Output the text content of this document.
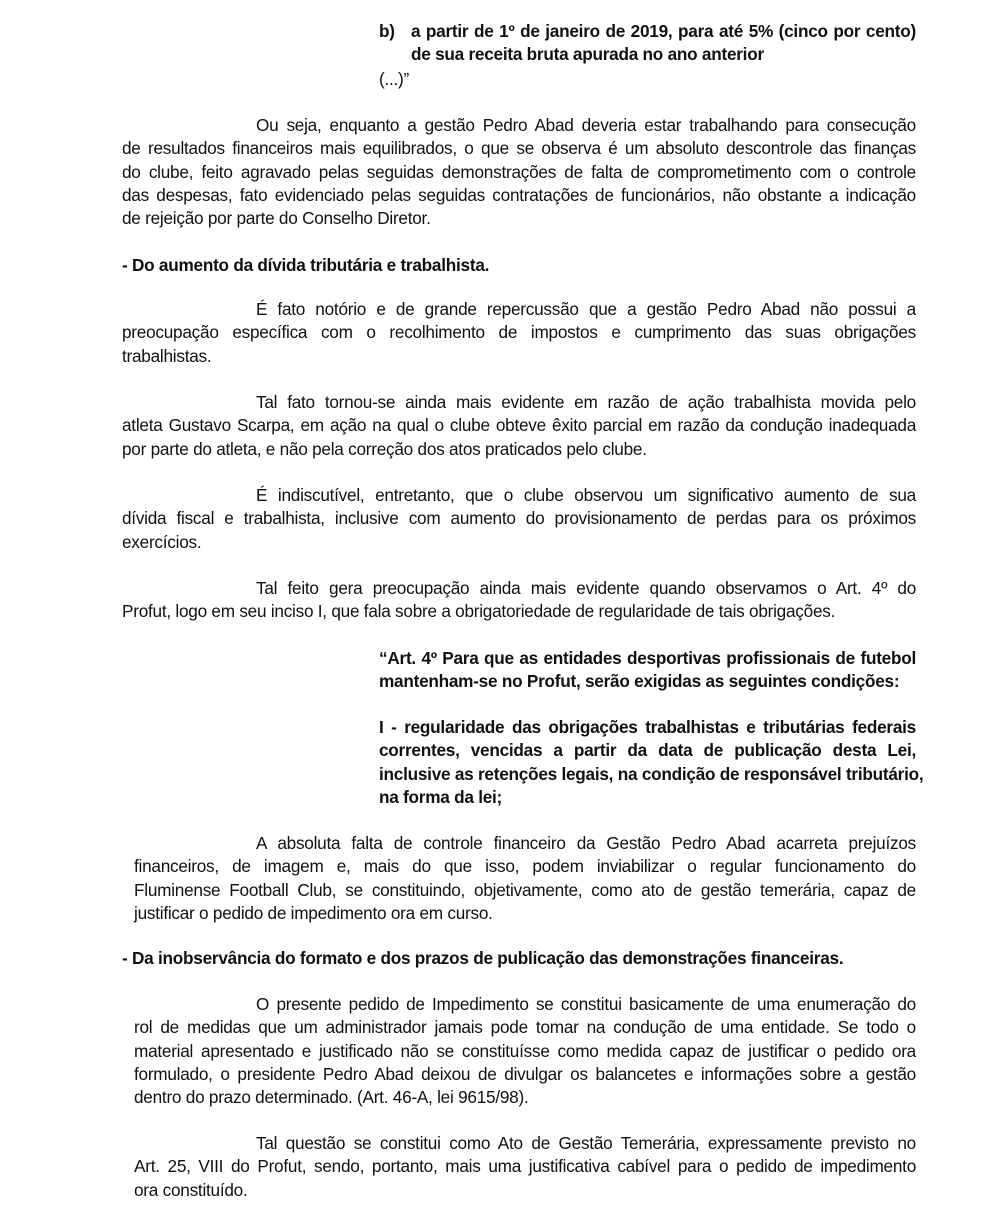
b) a partir de 1º de janeiro de 2019, para até 5% (cinco por cento)
de sua receita bruta apurada no ano anterior
(...)”
Ou seja, enquanto a gestão Pedro Abad deveria estar trabalhando para consecução
de resultados financeiros mais equilibrados, o que se observa é um absoluto descontrole das finanças
do clube, feito agravado pelas seguidas demonstrações de falta de comprometimento com o controle
das despesas, fato evidenciado pelas seguidas contratações de funcionários, não obstante a indicação
de rejeição por parte do Conselho Diretor.
- Do aumento da dívida tributária e trabalhista.
É fato notório e de grande repercussão que a gestão Pedro Abad não possui a
preocupação específica com o recolhimento de impostos e cumprimento das suas obrigações
trabalhistas.
Tal fato tornou-se ainda mais evidente em razão de ação trabalhista movida pelo
atleta Gustavo Scarpa, em ação na qual o clube obteve êxito parcial em razão da condução inadequada
por parte do atleta, e não pela correção dos atos praticados pelo clube.
É indiscutível, entretanto, que o clube observou um significativo aumento de sua
dívida fiscal e trabalhista, inclusive com aumento do provisionamento de perdas para os próximos
exercícios.
Tal feito gera preocupação ainda mais evidente quando observamos o Art. 4º do
Profut, logo em seu inciso I, que fala sobre a obrigatoriedade de regularidade de tais obrigações.
“Art. 4º Para que as entidades desportivas profissionais de futebol
mantenham-se no Profut, serão exigidas as seguintes condições:
I - regularidade das obrigações trabalhistas e tributárias federais
correntes, vencidas a partir da data de publicação desta Lei,
inclusive as retenções legais, na condição de responsável tributário,
na forma da lei;
A absoluta falta de controle financeiro da Gestão Pedro Abad acarreta prejuízos
financeiros, de imagem e, mais do que isso, podem inviabilizar o regular funcionamento do
Fluminense Football Club, se constituindo, objetivamente, como ato de gestão temerária, capaz de
justificar o pedido de impedimento ora em curso.
- Da inobservância do formato e dos prazos de publicação das demonstrações financeiras.
O presente pedido de Impedimento se constitui basicamente de uma enumeração do
rol de medidas que um administrador jamais pode tomar na condução de uma entidade. Se todo o
material apresentado e justificado não se constituísse como medida capaz de justificar o pedido ora
formulado, o presidente Pedro Abad deixou de divulgar os balancetes e informações sobre a gestão
dentro do prazo determinado. (Art. 46-A, lei 9615/98).
Tal questão se constitui como Ato de Gestão Temerária, expressamente previsto no
Art. 25, VIII do Profut, sendo, portanto, mais uma justificativa cabível para o pedido de impedimento
ora constituído.
